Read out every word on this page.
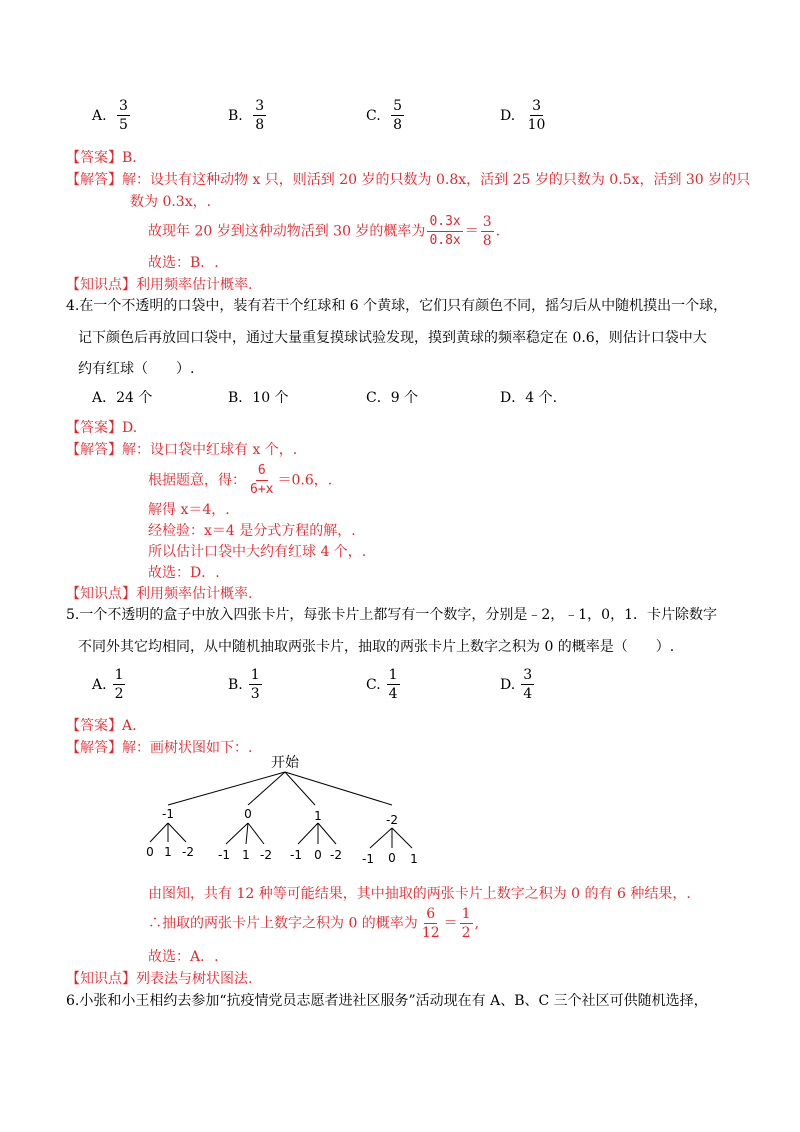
A. $\frac{3}{5}$	B. $\frac{3}{8}$	C. $\frac{5}{8}$	D. $\frac{3}{10}$
【答案】B.
【解答】解：设共有这种动物 x 只，则活到 20 岁的只数为 0.8x，活到 25 岁的只数为 0.5x，活到 30 岁的只
数为 0.3x，.
故现年 20 岁到这种动物活到 30 岁的概率为 $\frac{0.3x}{0.8x} = \frac{3}{8}$ .
故选：B．.
【知识点】利用频率估计概率.
4.在一个不透明的口袋中，装有若干个红球和 6 个黄球，它们只有颜色不同，摇匀后从中随机摸出一个球，
记下颜色后再放回口袋中，通过大量重复摸球试验发现，摸到黄球的频率稳定在 0.6，则估计口袋中大
约有红球（　　）.
A．24 个	B．10 个	C．9 个	D．4 个.
【答案】D.
【解答】解：设口袋中红球有 x 个，.
根据题意，得： $\frac{6}{6+x} =0.6$，.
解得 x＝4，.
经检验：x＝4 是分式方程的解，.
所以估计口袋中大约有红球 4 个，.
故选：D．.
【知识点】利用频率估计概率.
5.一个不透明的盒子中放入四张卡片，每张卡片上都写有一个数字，分别是﹣2，﹣1，0，1．卡片除数字
不同外其它均相同，从中随机抽取两张卡片，抽取的两张卡片上数字之积为 0 的概率是（　　）.
A. $\frac{1}{2}$	B. $\frac{1}{3}$	C. $\frac{1}{4}$	D. $\frac{3}{4}$
【答案】A.
【解答】解：画树状图如下：.
开始
-1	0	1	-2
0 1 -2 -1 1 -2 -1 0 -2 -1 0 1
由图知，共有 12 种等可能结果，其中抽取的两张卡片上数字之积为 0 的有 6 种结果，.
∴抽取的两张卡片上数字之积为 0 的概率为 $\frac{6}{12} = \frac{1}{2}$ ,
故选：A．.
【知识点】列表法与树状图法.
6.小张和小王相约去参加“抗疫情党员志愿者进社区服务”活动现在有 A、B、C 三个社区可供随机选择，
